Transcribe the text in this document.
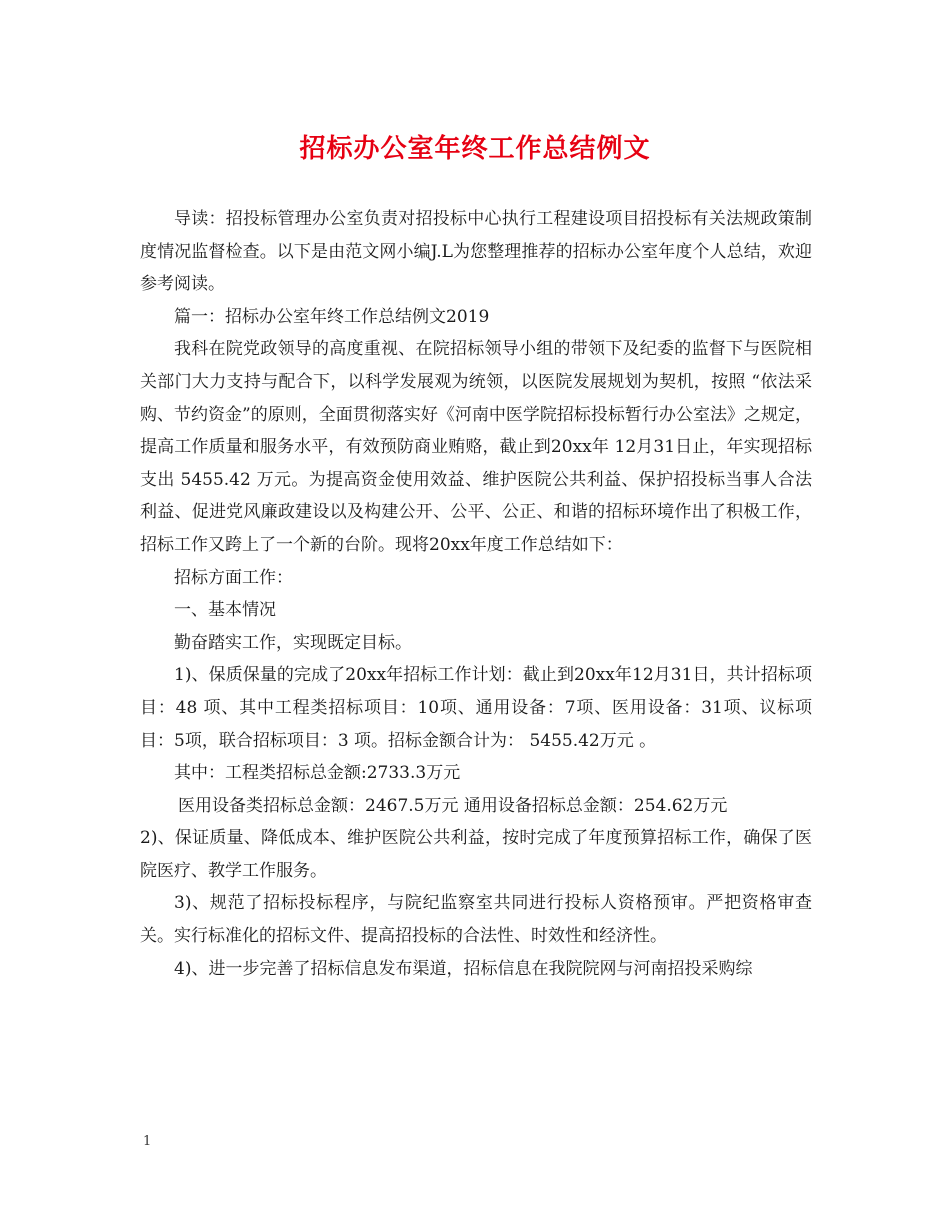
招标办公室年终工作总结例文

导读：招投标管理办公室负责对招投标中心执行工程建设项目招投标有关法规政策制度情况监督检查。以下是由范文网小编J.L为您整理推荐的招标办公室年度个人总结，欢迎参考阅读。

篇一：招标办公室年终工作总结例文2019

我科在院党政领导的高度重视、在院招标领导小组的带领下及纪委的监督下与医院相关部门大力支持与配合下，以科学发展观为统领，以医院发展规划为契机，按照 “依法采购、节约资金”的原则，全面贯彻落实好《河南中医学院招标投标暂行办公室法》之规定，提高工作质量和服务水平，有效预防商业贿赂，截止到20xx年 12月31日止，年实现招标支出 5455.42 万元。为提高资金使用效益、维护医院公共利益、保护招投标当事人合法利益、促进党风廉政建设以及构建公开、公平、公正、和谐的招标环境作出了积极工作，招标工作又跨上了一个新的台阶。现将20xx年度工作总结如下：

招标方面工作：

一、基本情况

勤奋踏实工作，实现既定目标。

1)、保质保量的完成了20xx年招标工作计划：截止到20xx年12月31日，共计招标项目：48 项、其中工程类招标项目：10项、通用设备：7项、医用设备：31项、议标项目：5项，联合招标项目：3 项。招标金额合计为： 5455.42万元 。

其中：工程类招标总金额:2733.3万元

医用设备类招标总金额：2467.5万元 通用设备招标总金额：254.62万元

2)、保证质量、降低成本、维护医院公共利益，按时完成了年度预算招标工作，确保了医院医疗、教学工作服务。

3)、规范了招标投标程序，与院纪监察室共同进行投标人资格预审。严把资格审查关。实行标准化的招标文件、提高招投标的合法性、时效性和经济性。

4)、进一步完善了招标信息发布渠道，招标信息在我院院网与河南招投采购综

1
